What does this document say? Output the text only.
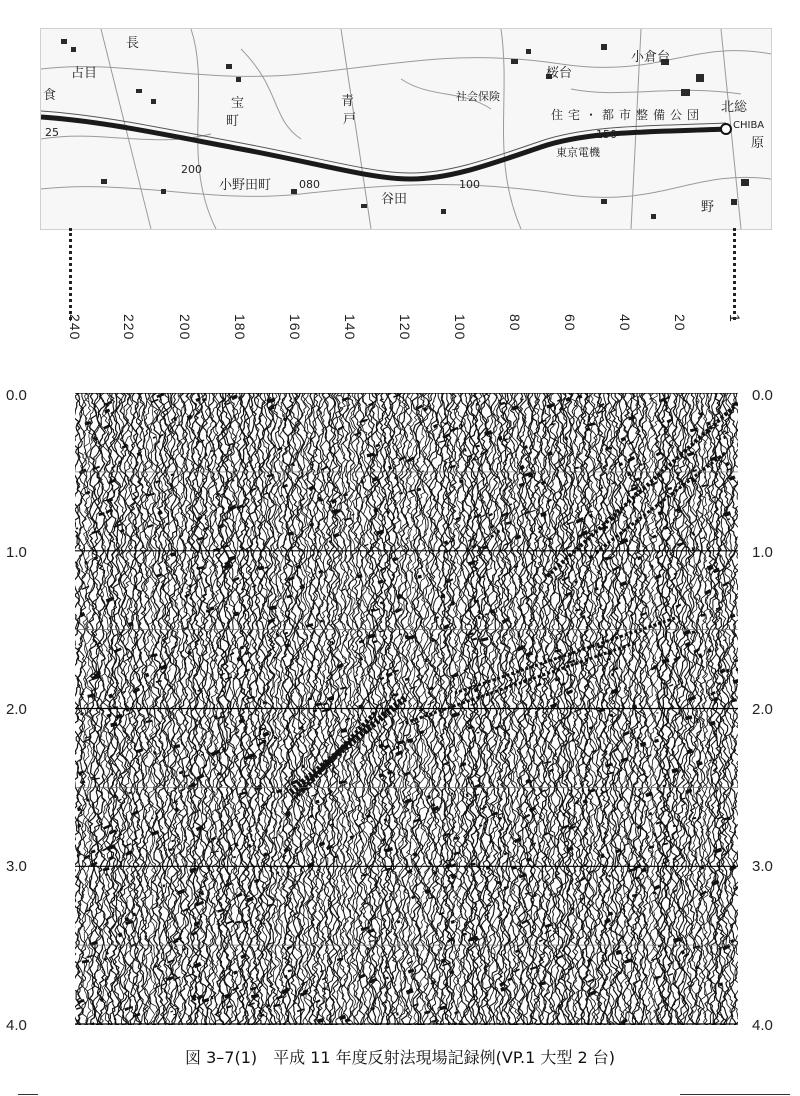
長
占目
食
宝
町
青
戸
小野田町
谷田
桜台
社会保険
住宅・都市整備公団
東京電機
小倉台
北総
原
野
CHIBA
200
080	100
150
25
240	220	200	180	160	140	120	100	80	60	40	20	1
0.0
1.0
2.0
3.0
4.0
0.0
1.0
2.0
3.0
4.0
図 3–7(1)　平成 11 年度反射法現場記録例(VP.1 大型 2 台)
